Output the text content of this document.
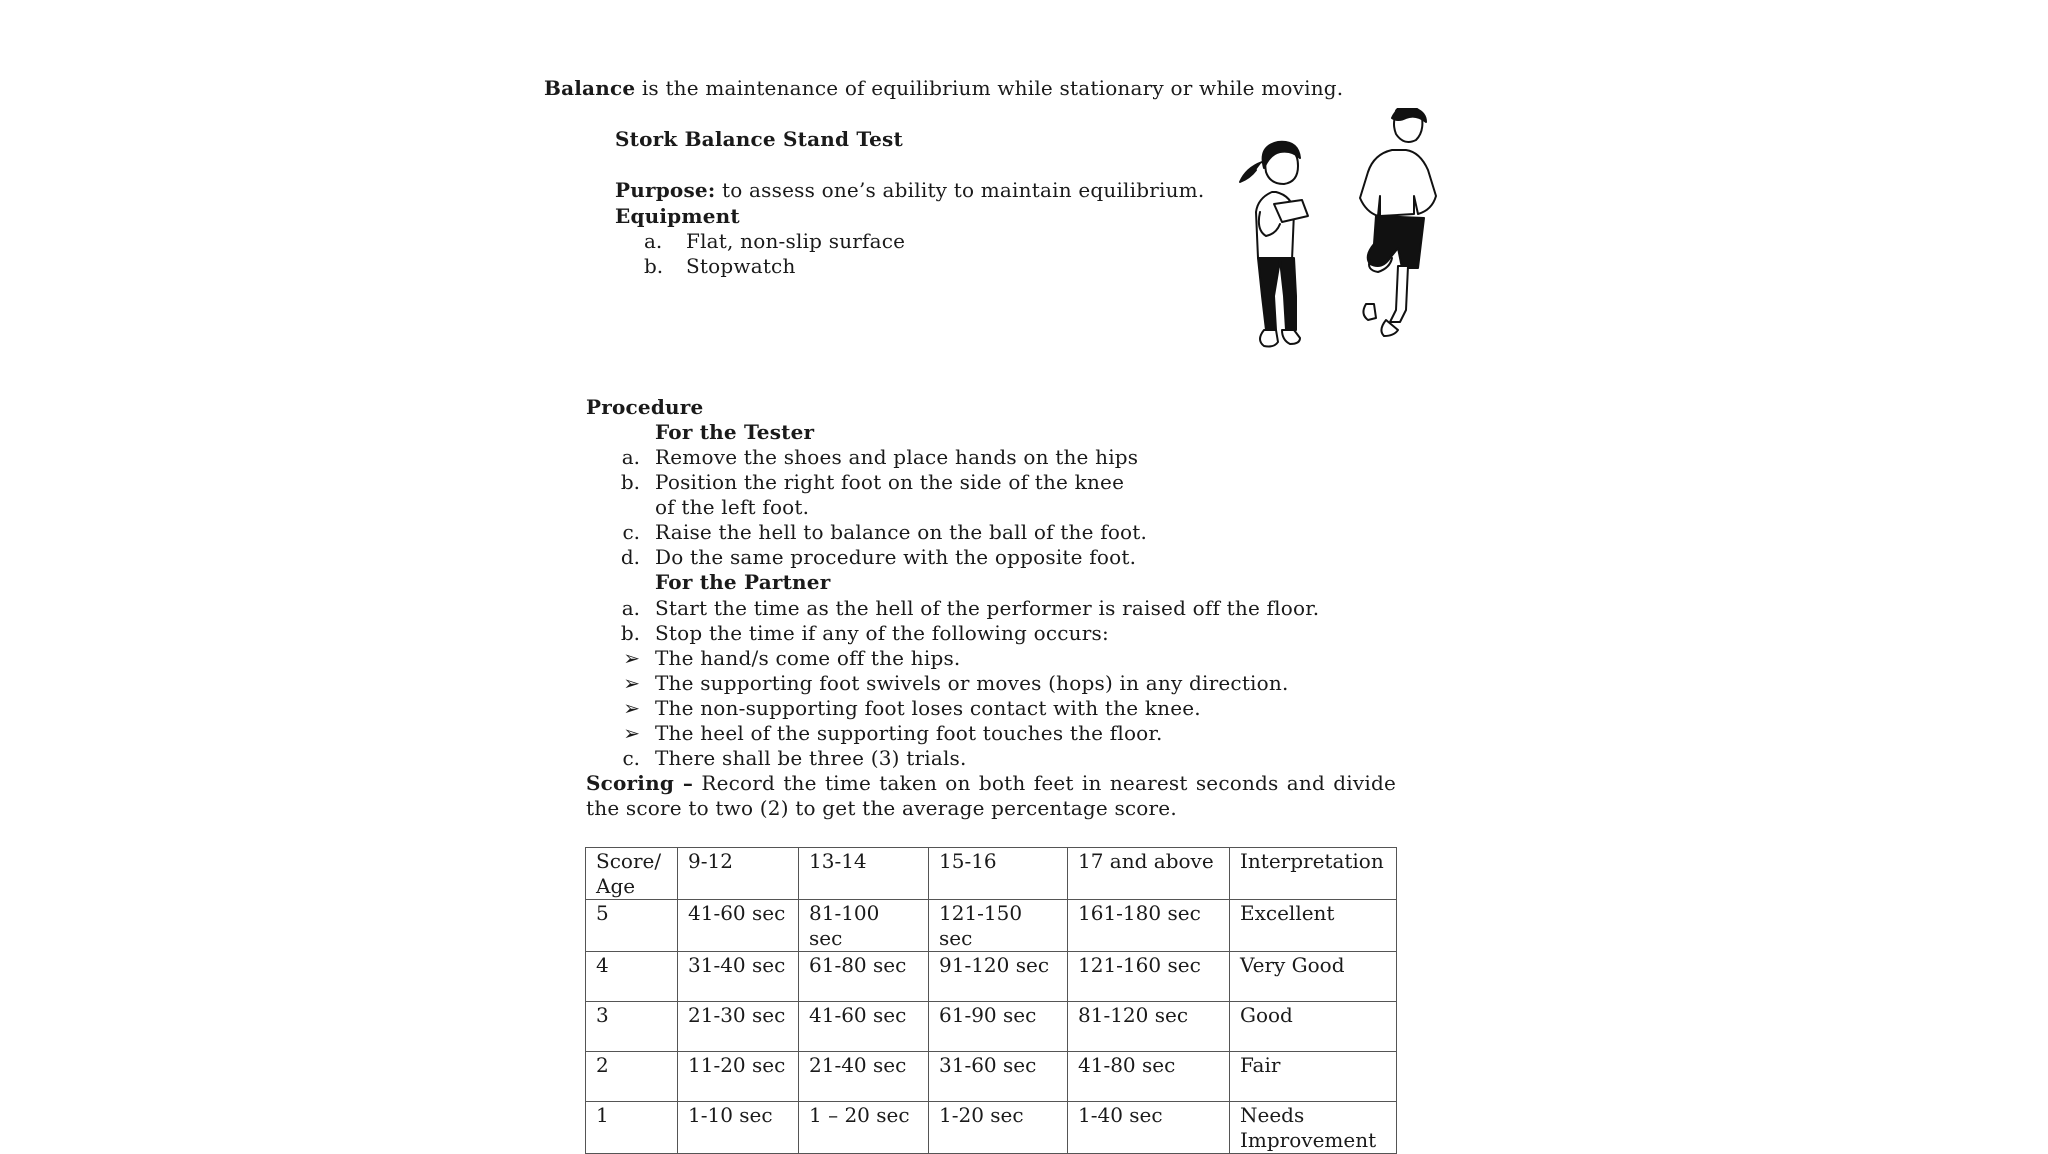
Balance is the maintenance of equilibrium while stationary or while moving.
Stork Balance Stand Test
Purpose: to assess one’s ability to maintain equilibrium.
Equipment
a. Flat, non-slip surface
b. Stopwatch
Procedure
For the Tester
a. Remove the shoes and place hands on the hips
b. Position the right foot on the side of the knee
of the left foot.
c. Raise the hell to balance on the ball of the foot.
d. Do the same procedure with the opposite foot.
For the Partner
a. Start the time as the hell of the performer is raised off the floor.
b. Stop the time if any of the following occurs:
➢ The hand/s come off the hips.
➢ The supporting foot swivels or moves (hops) in any direction.
➢ The non-supporting foot loses contact with the knee.
➢ The heel of the supporting foot touches the floor.
c. There shall be three (3) trials.
Scoring – Record the time taken on both feet in nearest seconds and divide the score to two (2) to get the average percentage score.
Score/ Age	9-12	13-14	15-16	17 and above	Interpretation
5	41-60 sec	81-100 sec	121-150 sec	161-180 sec	Excellent
4	31-40 sec	61-80 sec	91-120 sec	121-160 sec	Very Good
3	21-30 sec	41-60 sec	61-90 sec	81-120 sec	Good
2	11-20 sec	21-40 sec	31-60 sec	41-80 sec	Fair
1	1-10 sec	1 – 20 sec	1-20 sec	1-40 sec	Needs Improvement
